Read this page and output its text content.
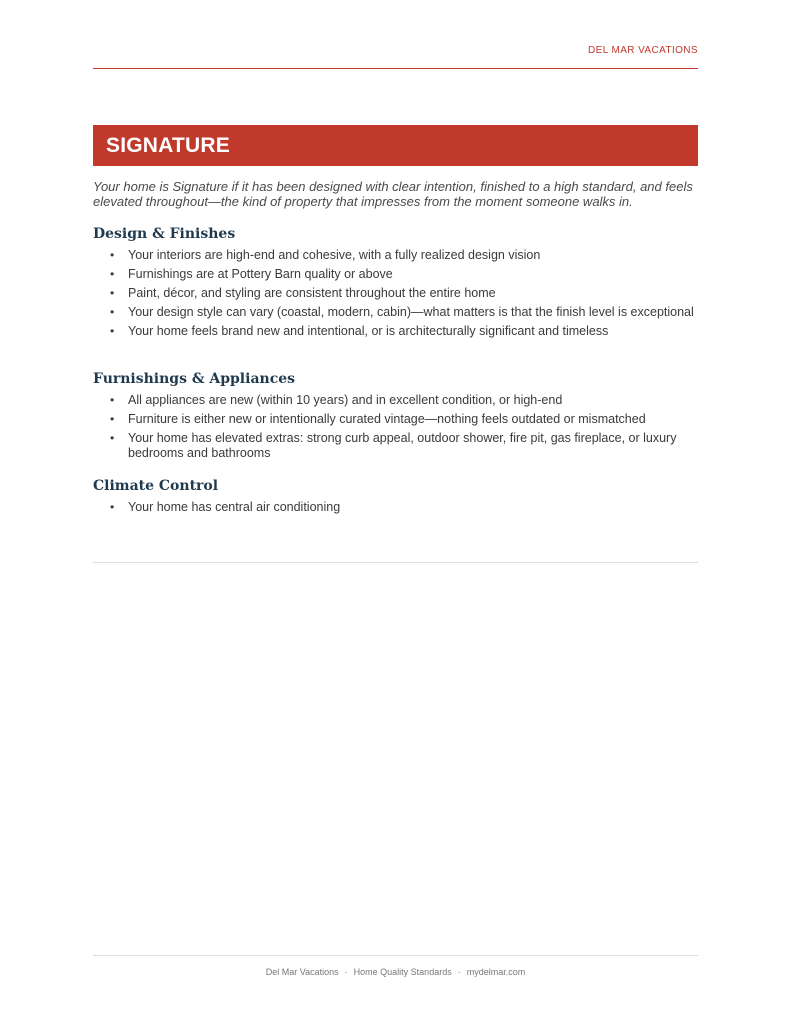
DEL MAR VACATIONS
SIGNATURE
Your home is Signature if it has been designed with clear intention, finished to a high standard, and feels elevated throughout—the kind of property that impresses from the moment someone walks in.
Design & Finishes
• Your interiors are high-end and cohesive, with a fully realized design vision
• Furnishings are at Pottery Barn quality or above
• Paint, décor, and styling are consistent throughout the entire home
• Your design style can vary (coastal, modern, cabin)—what matters is that the finish level is exceptional
• Your home feels brand new and intentional, or is architecturally significant and timeless
Furnishings & Appliances
• All appliances are new (within 10 years) and in excellent condition, or high-end
• Furniture is either new or intentionally curated vintage—nothing feels outdated or mismatched
• Your home has elevated extras: strong curb appeal, outdoor shower, fire pit, gas fireplace, or luxury bedrooms and bathrooms
Climate Control
• Your home has central air conditioning
Del Mar Vacations · Home Quality Standards · mydelmar.com
